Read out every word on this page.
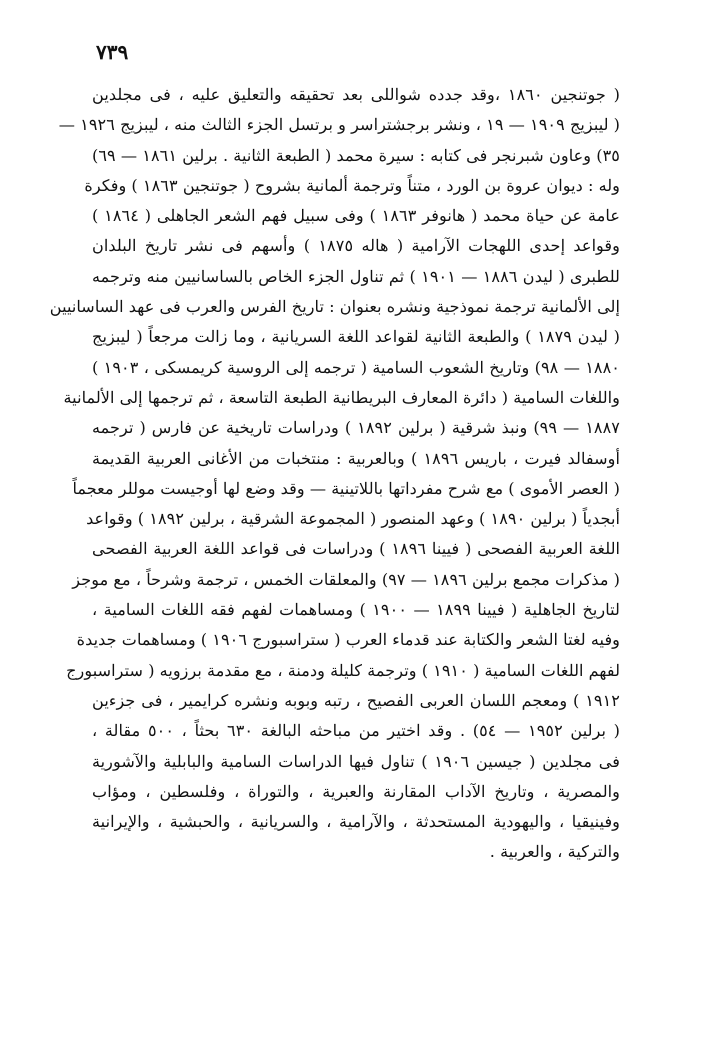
٧٣٩
( جوتنجين ١٨٦٠ ،وقد جدده شواللى بعد تحقيقه والتعليق عليه ، فى مجلدين
( ليبزيج ١٩٠٩ — ١٩ ، ونشر برجشتراسر و برتسل الجزء الثالث منه ، ليبزيج ١٩٢٦ —
٣٥) وعاون شبرنجر فى كتابه : سيرة محمد ( الطبعة الثانية . برلين ١٨٦١ — ٦٩)
وله : ديوان عروة بن الورد ، متناً وترجمة ألمانية بشروح ( جوتنجين ١٨٦٣ ) وفكرة
عامة عن حياة محمد ( هانوفر ١٨٦٣ ) وفى سبيل فهم الشعر الجاهلى ( ١٨٦٤ )
وقواعد إحدى اللهجات الآرامية ( هاله ١٨٧٥ ) وأسهم فى نشر تاريخ البلدان
للطبرى ( ليدن ١٨٨٦ — ١٩٠١ ) ثم تناول الجزء الخاص بالساسانيين منه وترجمه
إلى الألمانية ترجمة نموذجية ونشره بعنوان : تاريخ الفرس والعرب فى عهد الساسانيين
( ليدن ١٨٧٩ ) والطبعة الثانية لقواعد اللغة السريانية ، وما زالت مرجعاً ( ليبزيج
١٨٨٠ — ٩٨) وتاريخ الشعوب السامية ( ترجمه إلى الروسية كريمسكى ، ١٩٠٣ )
واللغات السامية ( دائرة المعارف البريطانية الطبعة التاسعة ، ثم ترجمها إلى الألمانية
١٨٨٧ — ٩٩) ونبذ شرقية ( برلين ١٨٩٢ ) ودراسات تاريخية عن فارس ( ترجمه
أوسفالد فيرت ، باريس ١٨٩٦ ) وبالعربية : منتخبات من الأغانى العربية القديمة
( العصر الأموى ) مع شرح مفرداتها باللاتينية — وقد وضع لها أوجيست موللر معجماً
أبجدياً ( برلين ١٨٩٠ ) وعهد المنصور ( المجموعة الشرقية ، برلين ١٨٩٢ ) وقواعد
اللغة العربية الفصحى ( فيينا ١٨٩٦ ) ودراسات فى قواعد اللغة العربية الفصحى
( مذكرات مجمع برلين ١٨٩٦ — ٩٧) والمعلقات الخمس ، ترجمة وشرحاً ، مع موجز
لتاريخ الجاهلية ( فيينا ١٨٩٩ — ١٩٠٠ ) ومساهمات لفهم فقه اللغات السامية ،
وفيه لغتا الشعر والكتابة عند قدماء العرب ( ستراسبورج ١٩٠٦ ) ومساهمات جديدة
لفهم اللغات السامية ( ١٩١٠ ) وترجمة كليلة ودمنة ، مع مقدمة برزويه ( ستراسبورج
١٩١٢ ) ومعجم اللسان العربى الفصيح ، رتبه وبوبه ونشره كرايمير ، فى جزءين
( برلين ١٩٥٢ — ٥٤) . وقد اختير من مباحثه البالغة ٦٣٠ بحثاً ، ٥٠٠ مقالة ،
فى مجلدين ( جيسين ١٩٠٦ ) تناول فيها الدراسات السامية والبابلية والآشورية
والمصرية ، وتاريخ الآداب المقارنة والعبرية ، والتوراة ، وفلسطين ، ومؤاب
وفينيقيا ، واليهودية المستحدثة ، والآرامية ، والسريانية ، والحبشية ، والإيرانية
والتركية ، والعربية .
